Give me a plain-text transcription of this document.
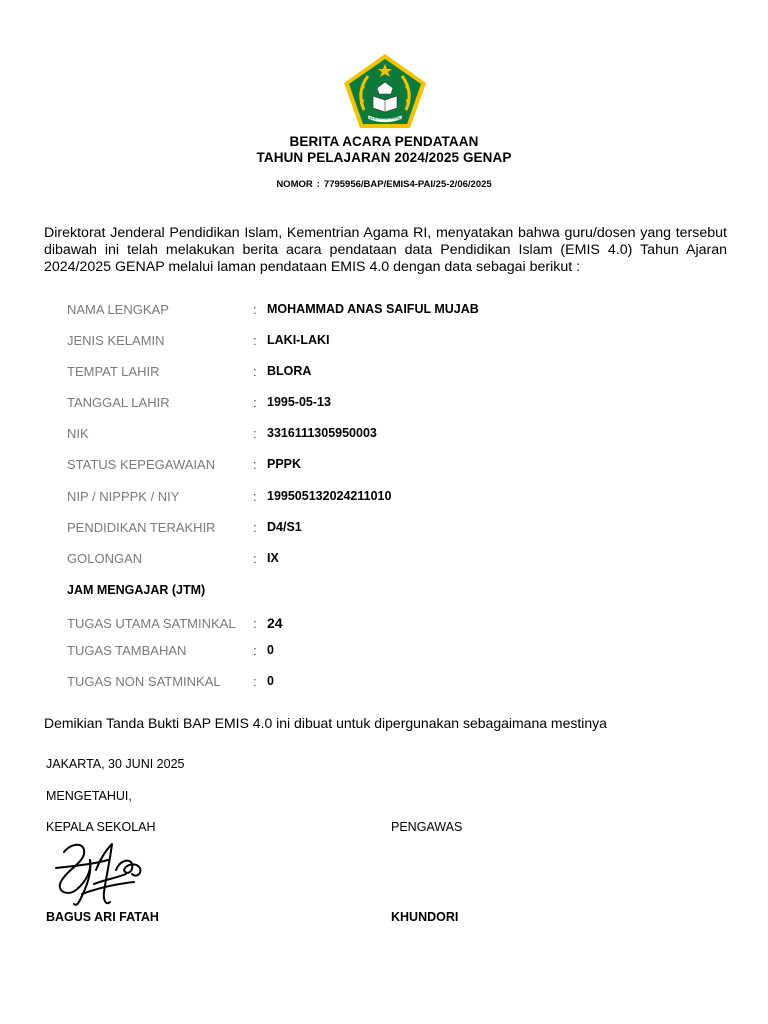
IKHLAS BERAMAL
BERITA ACARA PENDATAAN
TAHUN PELAJARAN 2024/2025 GENAP
NOMOR : 7795956/BAP/EMIS4-PAI/25-2/06/2025
Direktorat Jenderal Pendidikan Islam, Kementrian Agama RI, menyatakan bahwa guru/dosen yang tersebut dibawah ini telah melakukan berita acara pendataan data Pendidikan Islam (EMIS 4.0) Tahun Ajaran 2024/2025 GENAP melalui laman pendataan EMIS 4.0 dengan data sebagai berikut :
NAMA LENGKAP	: MOHAMMAD ANAS SAIFUL MUJAB
JENIS KELAMIN	: LAKI-LAKI
TEMPAT LAHIR	: BLORA
TANGGAL LAHIR	: 1995-05-13
NIK	: 3316111305950003
STATUS KEPEGAWAIAN	: PPPK
NIP / NIPPPK / NIY	: 199505132024211010
PENDIDIKAN TERAKHIR	: D4/S1
GOLONGAN	: IX
JAM MENGAJAR (JTM)
TUGAS UTAMA SATMINKAL : 24
TUGAS TAMBAHAN	: 0
TUGAS NON SATMINKAL : 0
Demikian Tanda Bukti BAP EMIS 4.0 ini dibuat untuk dipergunakan sebagaimana mestinya
JAKARTA, 30 JUNI 2025
MENGETAHUI,
KEPALA SEKOLAH	PENGAWAS
BAGUS ARI FATAH	KHUNDORI
